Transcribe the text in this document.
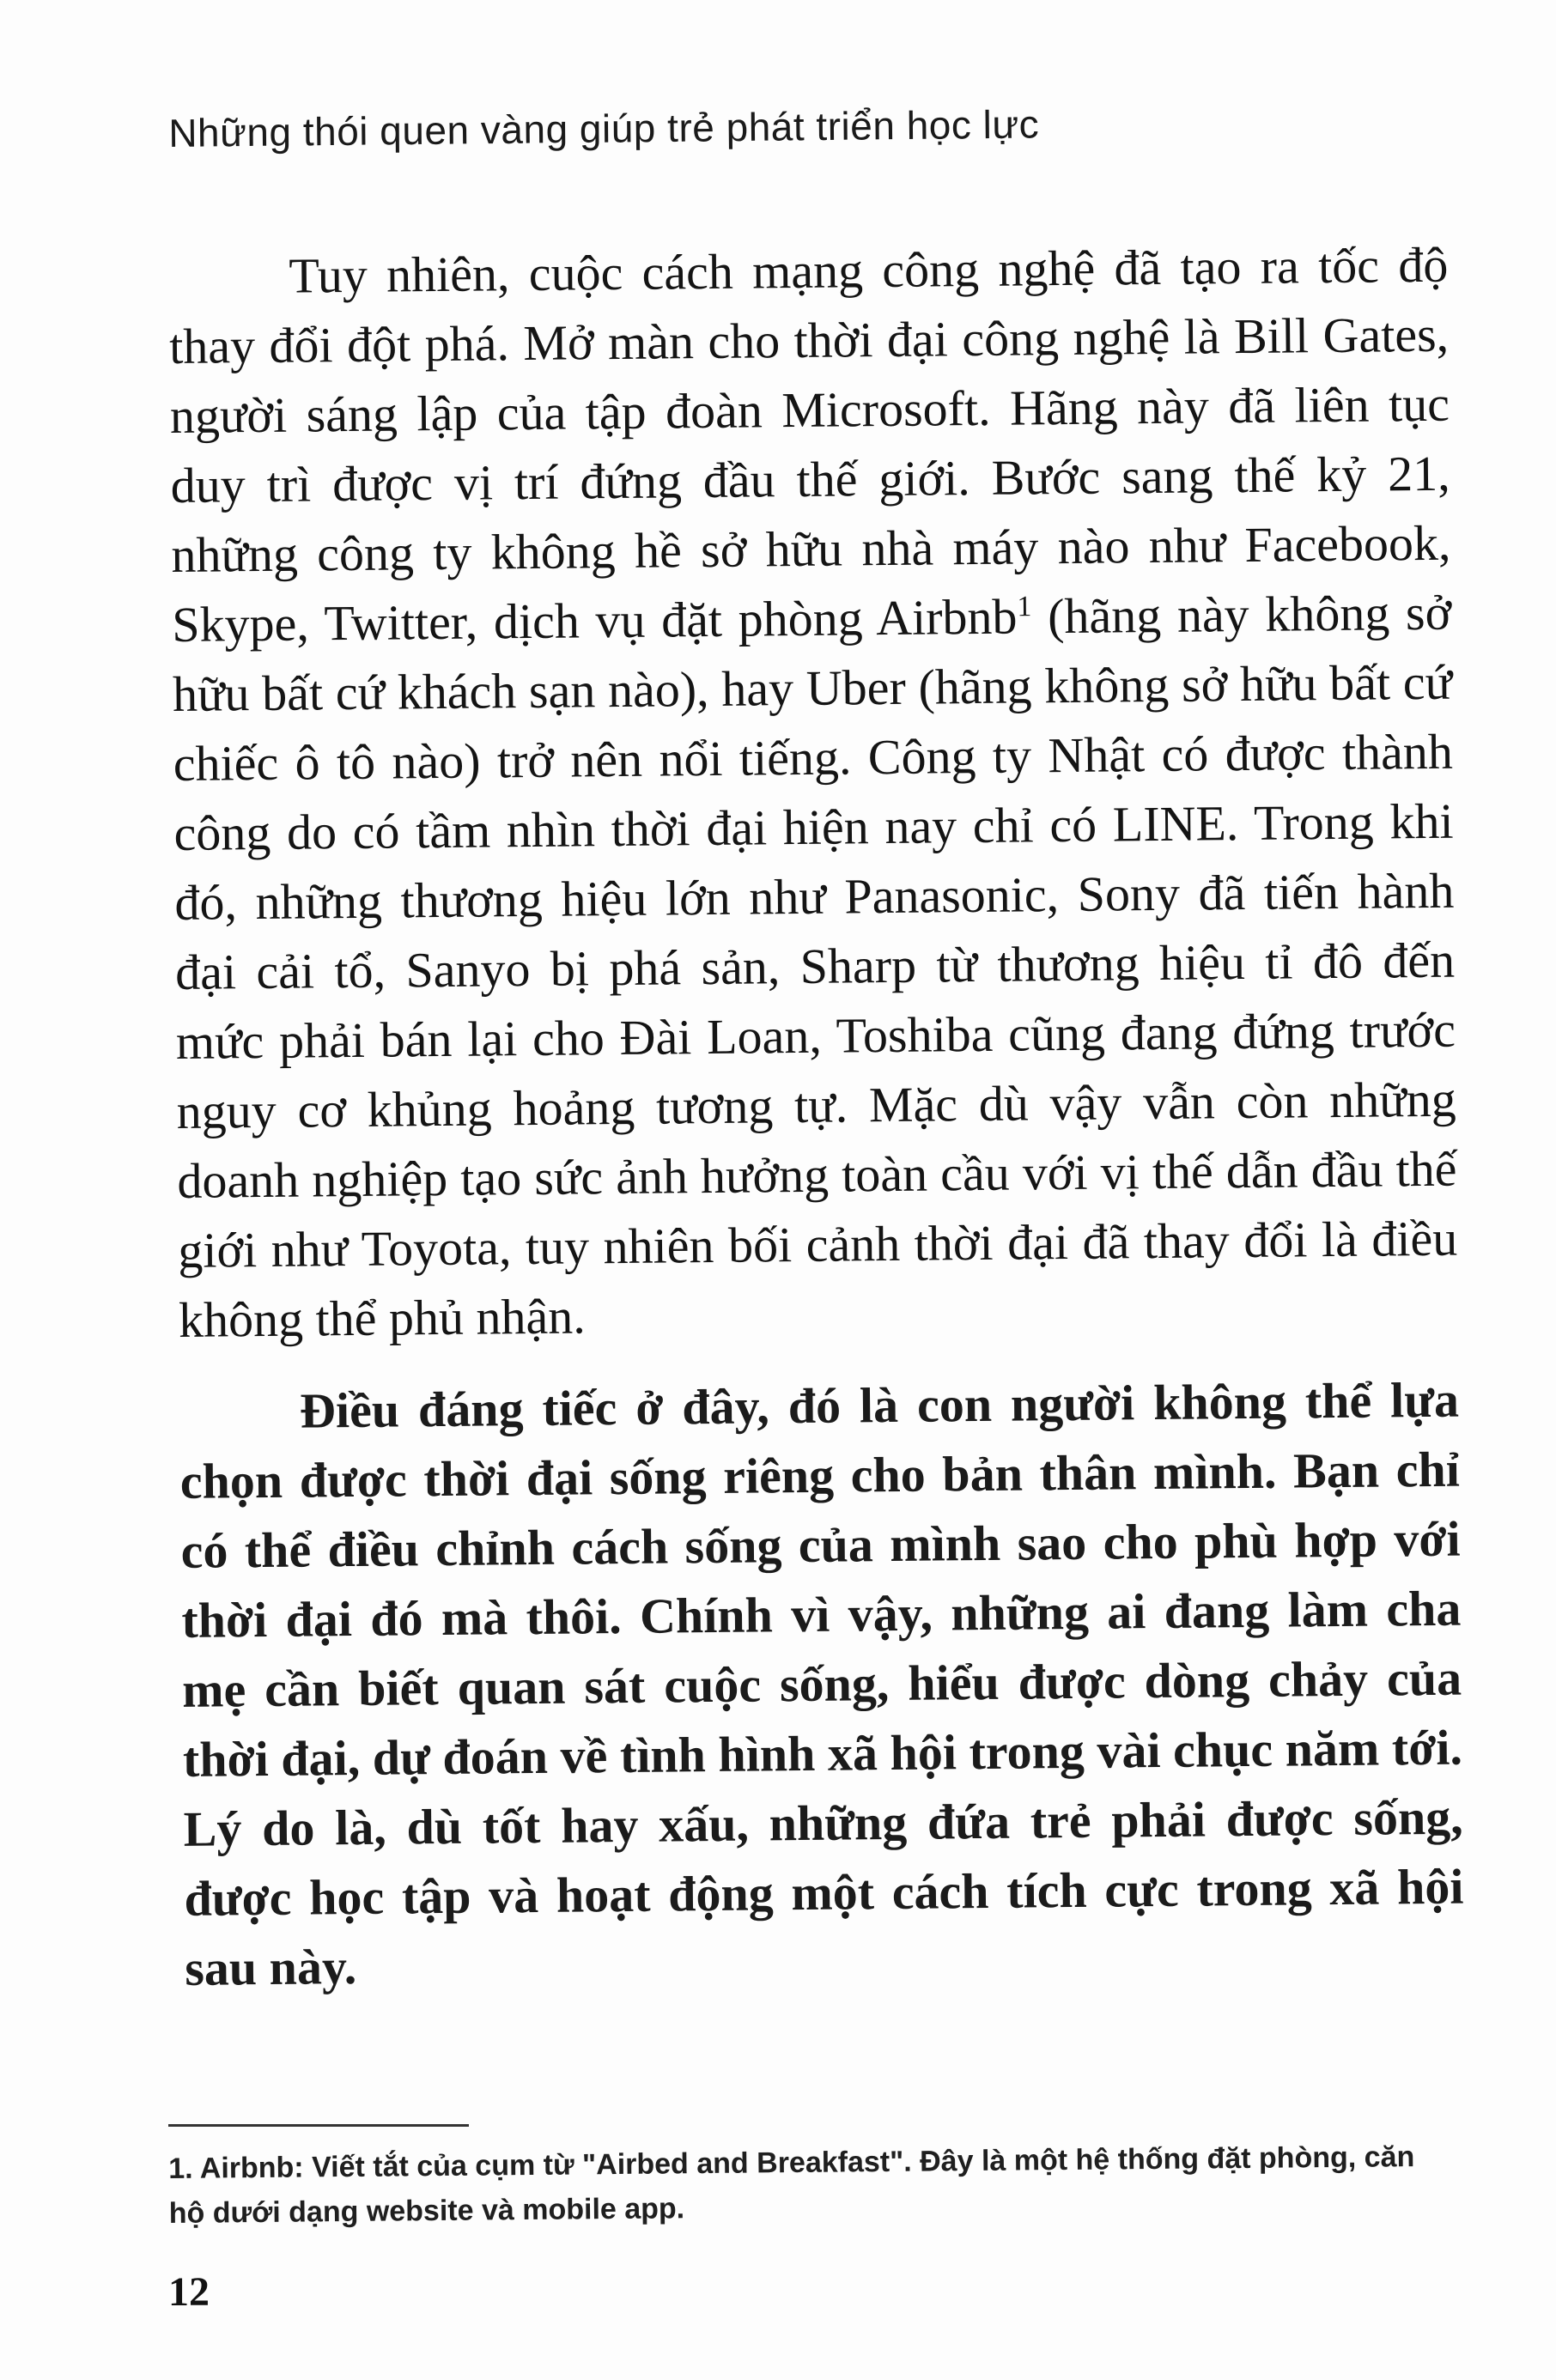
Những thói quen vàng giúp trẻ phát triển học lực

Tuy nhiên, cuộc cách mạng công nghệ đã tạo ra tốc độ thay đổi đột phá. Mở màn cho thời đại công nghệ là Bill Gates, người sáng lập của tập đoàn Microsoft. Hãng này đã liên tục duy trì được vị trí đứng đầu thế giới. Bước sang thế kỷ 21, những công ty không hề sở hữu nhà máy nào như Facebook, Skype, Twitter, dịch vụ đặt phòng Airbnb$^1$ (hãng này không sở hữu bất cứ khách sạn nào), hay Uber (hãng không sở hữu bất cứ chiếc ô tô nào) trở nên nổi tiếng. Công ty Nhật có được thành công do có tầm nhìn thời đại hiện nay chỉ có LINE. Trong khi đó, những thương hiệu lớn như Panasonic, Sony đã tiến hành đại cải tổ, Sanyo bị phá sản, Sharp từ thương hiệu tỉ đô đến mức phải bán lại cho Đài Loan, Toshiba cũng đang đứng trước nguy cơ khủng hoảng tương tự. Mặc dù vậy vẫn còn những doanh nghiệp tạo sức ảnh hưởng toàn cầu với vị thế dẫn đầu thế giới như Toyota, tuy nhiên bối cảnh thời đại đã thay đổi là điều không thể phủ nhận.

Điều đáng tiếc ở đây, đó là con người không thể lựa chọn được thời đại sống riêng cho bản thân mình. Bạn chỉ có thể điều chỉnh cách sống của mình sao cho phù hợp với thời đại đó mà thôi. Chính vì vậy, những ai đang làm cha mẹ cần biết quan sát cuộc sống, hiểu được dòng chảy của thời đại, dự đoán về tình hình xã hội trong vài chục năm tới. Lý do là, dù tốt hay xấu, những đứa trẻ phải được sống, được học tập và hoạt động một cách tích cực trong xã hội sau này.

1. Airbnb: Viết tắt của cụm từ "Airbed and Breakfast". Đây là một hệ thống đặt phòng, căn hộ dưới dạng website và mobile app.
12
